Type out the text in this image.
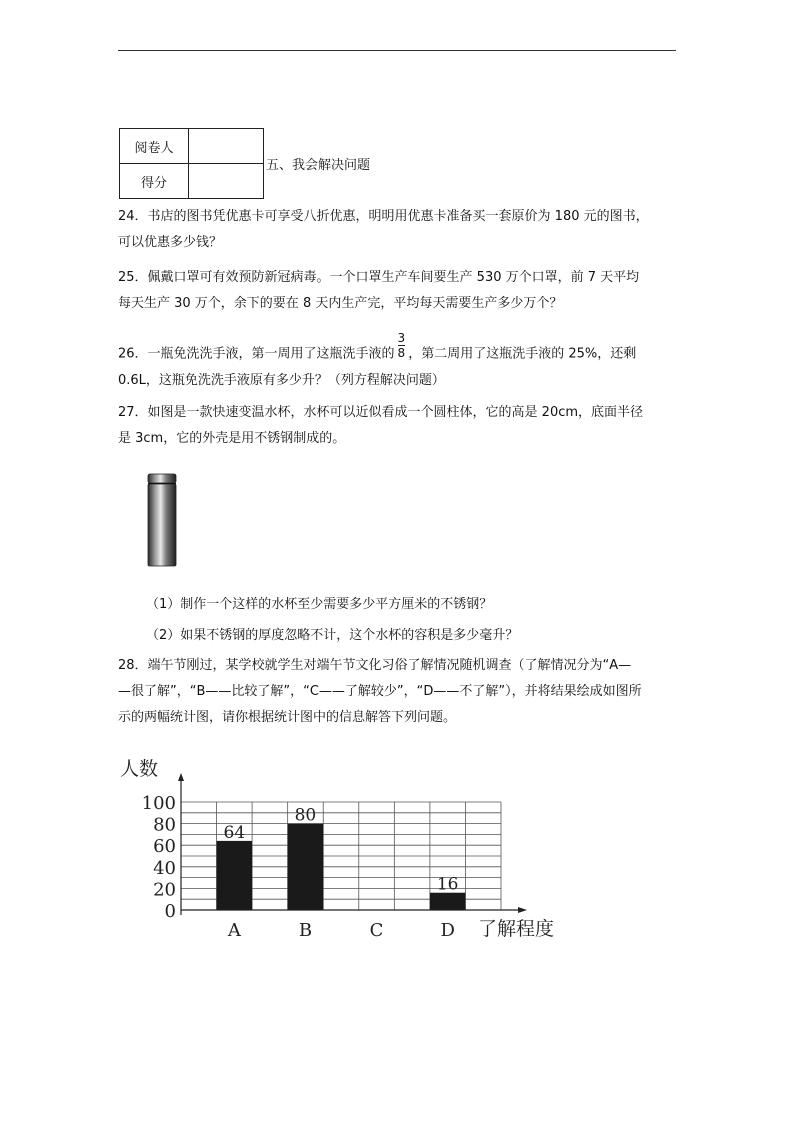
阅卷人	
得分	
五、我会解决问题
24．书店的图书凭优惠卡可享受八折优惠，明明用优惠卡准备买一套原价为 180 元的图书，
可以优惠多少钱？
25．佩戴口罩可有效预防新冠病毒。一个口罩生产车间要生产 530 万个口罩，前 7 天平均
每天生产 30 万个，余下的要在 8 天内生产完，平均每天需要生产多少万个？
26．一瓶免洗洗手液，第一周用了这瓶洗手液的 $\frac{3}{8}$ ，第二周用了这瓶洗手液的 25%，还剩
0.6L，这瓶免洗洗手液原有多少升？（列方程解决问题）
27．如图是一款快速变温水杯，水杯可以近似看成一个圆柱体，它的高是 20cm，底面半径
是 3cm，它的外壳是用不锈钢制成的。
（1）制作一个这样的水杯至少需要多少平方厘米的不锈钢？
（2）如果不锈钢的厚度忽略不计，这个水杯的容积是多少毫升？
28．端午节刚过，某学校就学生对端午节文化习俗了解情况随机调查（了解情况分为“A—
—很了解”，“B——比较了解”，“C——了解较少”，“D——不了解”），并将结果绘成如图所
示的两幅统计图，请你根据统计图中的信息解答下列问题。
0
20
40
60
80
100
64
A
80
B	C
16
D
人数
了解程度
